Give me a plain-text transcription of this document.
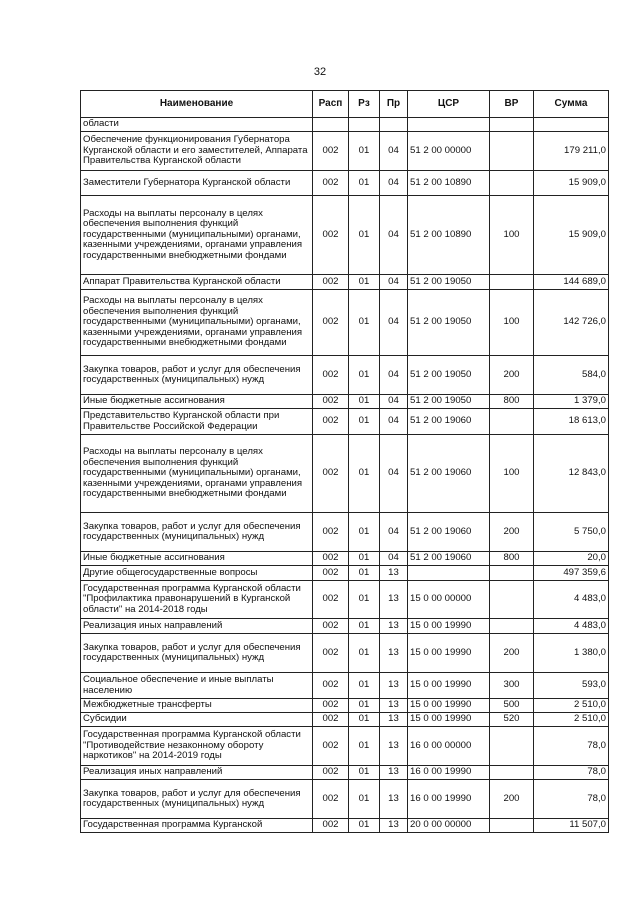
32
Наименование	Расп	Рз	Пр	ЦСР	ВР	Сумма
области						
Обеспечение функционирования Губернатора Курганской области и его заместителей, Аппарата Правительства Курганской области	002	01	04	51 2 00 00000		179 211,0
Заместители Губернатора Курганской области	002	01	04	51 2 00 10890		15 909,0
Расходы на выплаты персоналу в целях обеспечения выполнения функций государственными (муниципальными) органами, казенными учреждениями, органами управления государственными внебюджетными фондами	002	01	04	51 2 00 10890	100	15 909,0
Аппарат Правительства Курганской области	002	01	04	51 2 00 19050		144 689,0
Расходы на выплаты персоналу в целях обеспечения выполнения функций государственными (муниципальными) органами, казенными учреждениями, органами управления государственными внебюджетными фондами	002	01	04	51 2 00 19050	100	142 726,0
Закупка товаров, работ и услуг для обеспечения государственных (муниципальных) нужд	002	01	04	51 2 00 19050	200	584,0
Иные бюджетные ассигнования	002	01	04	51 2 00 19050	800	1 379,0
Представительство Курганской области при Правительстве Российской Федерации	002	01	04	51 2 00 19060		18 613,0
Расходы на выплаты персоналу в целях обеспечения выполнения функций государственными (муниципальными) органами, казенными учреждениями, органами управления государственными внебюджетными фондами	002	01	04	51 2 00 19060	100	12 843,0
Закупка товаров, работ и услуг для обеспечения государственных (муниципальных) нужд	002	01	04	51 2 00 19060	200	5 750,0
Иные бюджетные ассигнования	002	01	04	51 2 00 19060	800	20,0
Другие общегосударственные вопросы	002	01	13			497 359,6
Государственная программа Курганской области "Профилактика правонарушений в Курганской области" на 2014-2018 годы	002	01	13	15 0 00 00000		4 483,0
Реализация иных направлений	002	01	13	15 0 00 19990		4 483,0
Закупка товаров, работ и услуг для обеспечения государственных (муниципальных) нужд	002	01	13	15 0 00 19990	200	1 380,0
Социальное обеспечение и иные выплаты населению	002	01	13	15 0 00 19990	300	593,0
Межбюджетные трансферты	002	01	13	15 0 00 19990	500	2 510,0
Субсидии	002	01	13	15 0 00 19990	520	2 510,0
Государственная программа Курганской области "Противодействие незаконному обороту наркотиков" на 2014-2019 годы	002	01	13	16 0 00 00000		78,0
Реализация иных направлений	002	01	13	16 0 00 19990		78,0
Закупка товаров, работ и услуг для обеспечения государственных (муниципальных) нужд	002	01	13	16 0 00 19990	200	78,0
Государственная программа Курганской	002	01	13	20 0 00 00000		11 507,0
